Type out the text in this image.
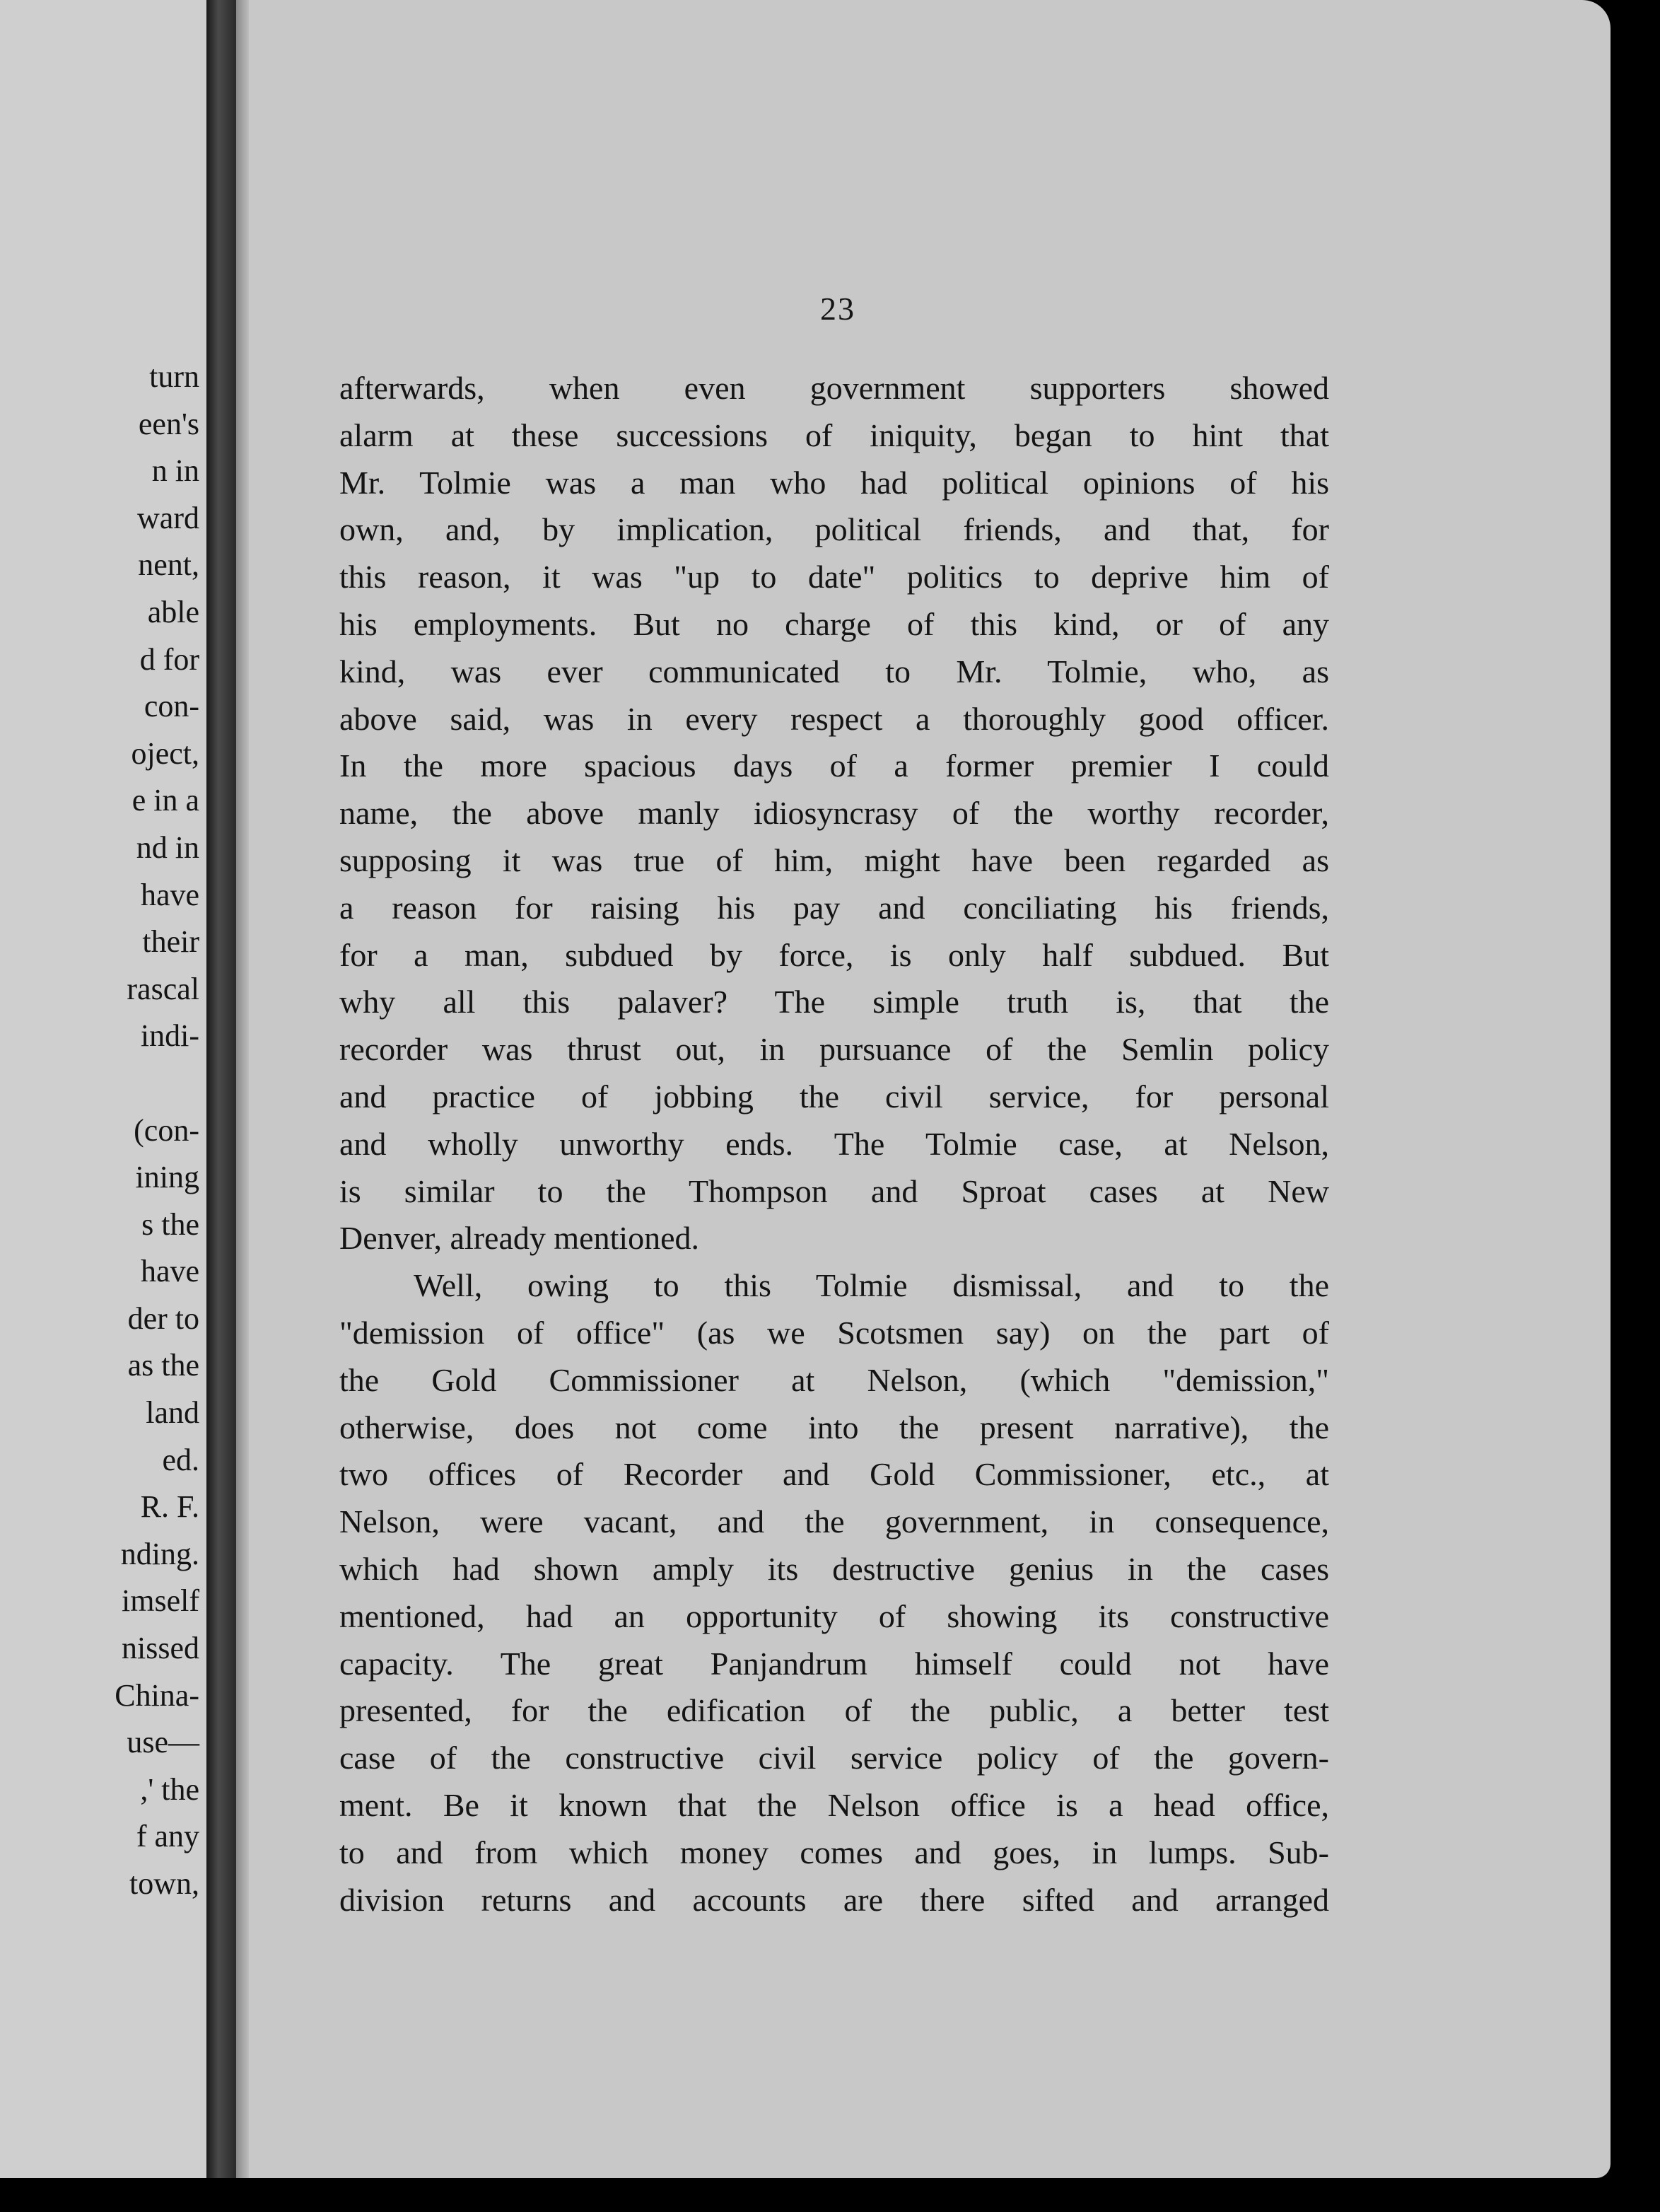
turn
een's
n in
ward
nent,
able
d for
con-
oject,
e in a
nd in
have
their
rascal
indi-
(con-
ining
s the
have
der to
as the
land
ed.
R. F.
nding.
imself
nissed
China-
use—
,' the
f any
town,
23
afterwards, when even government supporters showed
alarm at these successions of iniquity, began to hint that
Mr. Tolmie was a man who had political opinions of his
own, and, by implication, political friends, and that, for
this reason, it was "up to date" politics to deprive him of
his employments. But no charge of this kind, or of any
kind, was ever communicated to Mr. Tolmie, who, as
above said, was in every respect a thoroughly good officer.
In the more spacious days of a former premier I could
name, the above manly idiosyncrasy of the worthy recorder,
supposing it was true of him, might have been regarded as
a reason for raising his pay and conciliating his friends,
for a man, subdued by force, is only half subdued. But
why all this palaver? The simple truth is, that the
recorder was thrust out, in pursuance of the Semlin policy
and practice of jobbing the civil service, for personal
and wholly unworthy ends. The Tolmie case, at Nelson,
is similar to the Thompson and Sproat cases at New
Denver, already mentioned.
Well, owing to this Tolmie dismissal, and to the
"demission of office" (as we Scotsmen say) on the part of
the Gold Commissioner at Nelson, (which "demission,"
otherwise, does not come into the present narrative), the
two offices of Recorder and Gold Commissioner, etc., at
Nelson, were vacant, and the government, in consequence,
which had shown amply its destructive genius in the cases
mentioned, had an opportunity of showing its constructive
capacity. The great Panjandrum himself could not have
presented, for the edification of the public, a better test
case of the constructive civil service policy of the govern-
ment. Be it known that the Nelson office is a head office,
to and from which money comes and goes, in lumps. Sub-
division returns and accounts are there sifted and arranged
